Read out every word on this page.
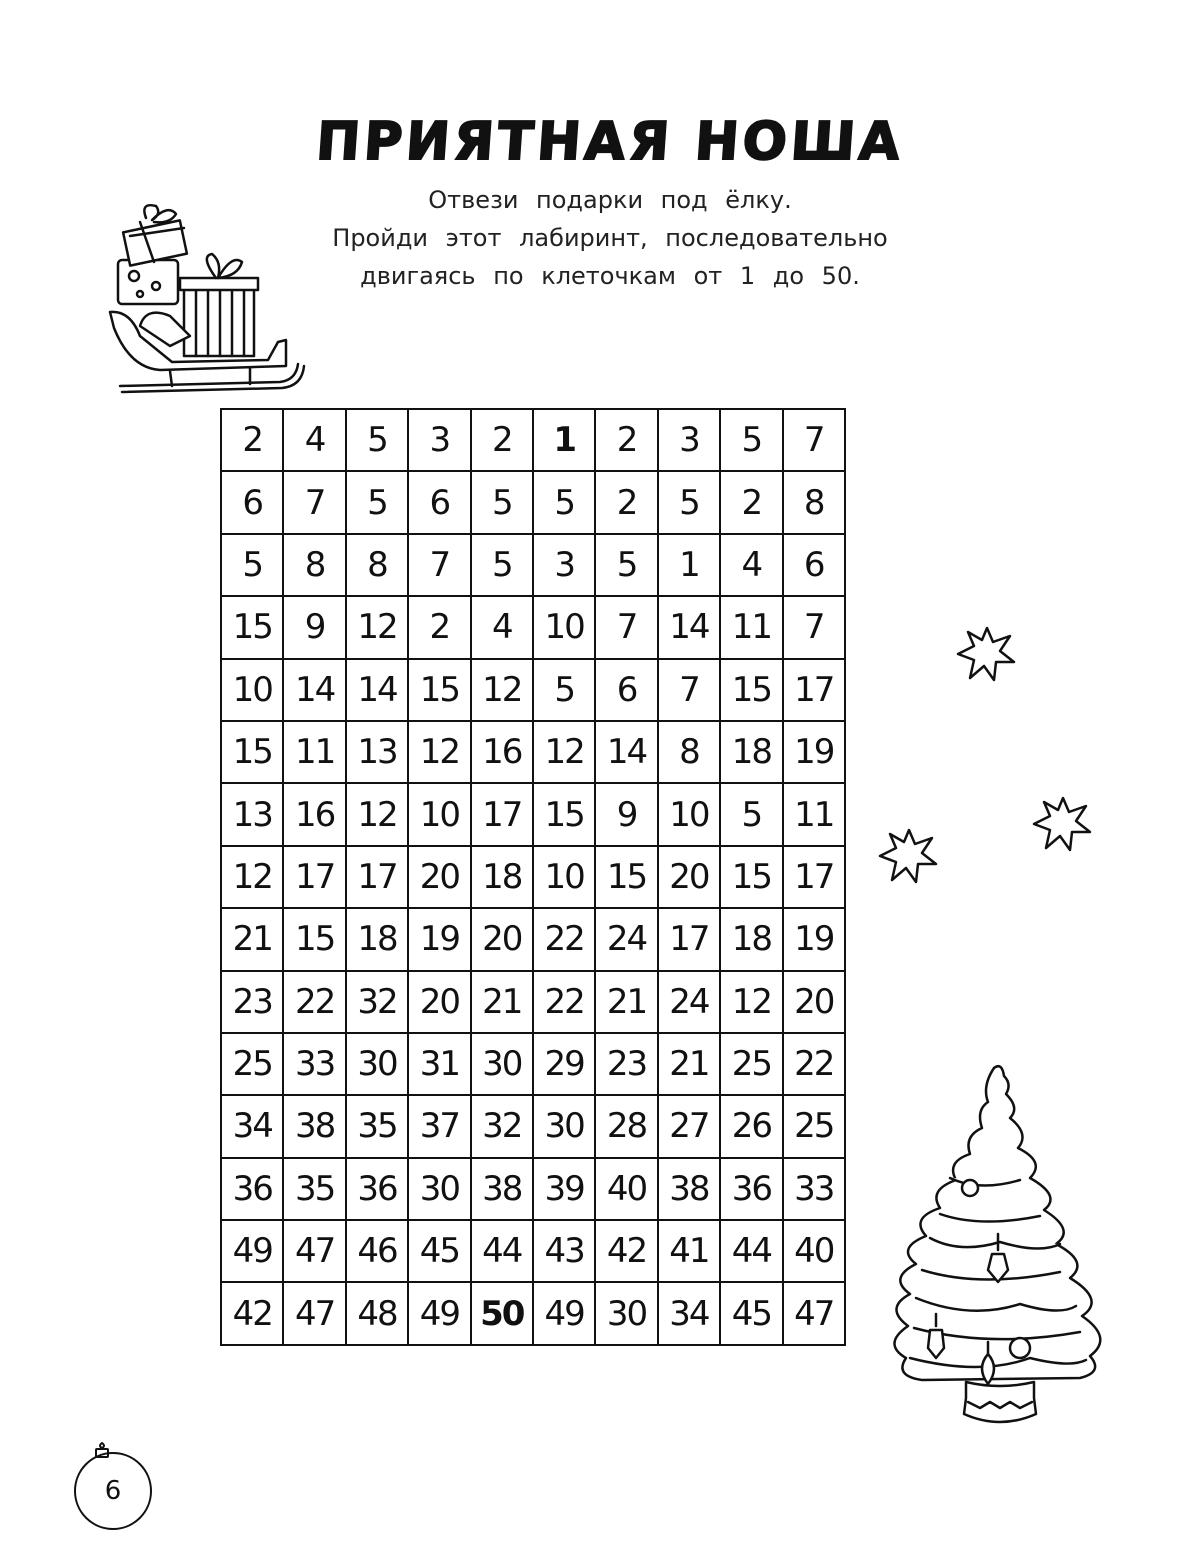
ПРИЯТНАЯ НОША
Отвези подарки под ёлку.
Пройди этот лабиринт, последовательно
двигаясь по клеточкам от 1 до 50.
2	4	5	3	2	1	2	3	5	7
6	7	5	6	5	5	2	5	2	8
5	8	8	7	5	3	5	1	4	6
15 9 12 2	4 10 7 14 11 7
10 14 14 15 12 5	6	7 15 17
15 11 13 12 16 12 14 8 18 19
13 16 12 10 17 15 9 10 5 11
12 17 17 20 18 10 15 20 15 17
21 15 18 19 20 22 24 17 18 19
23 22 32 20 21 22 21 24 12 20
25 33 30 31 30 29 23 21 25 22
34 38 35 37 32 30 28 27 26 25
36 35 36 30 38 39 40 38 36 33
49 47 46 45 44 43 42 41 44 40
42 47 48 49 50 49 30 34 45 47
6
